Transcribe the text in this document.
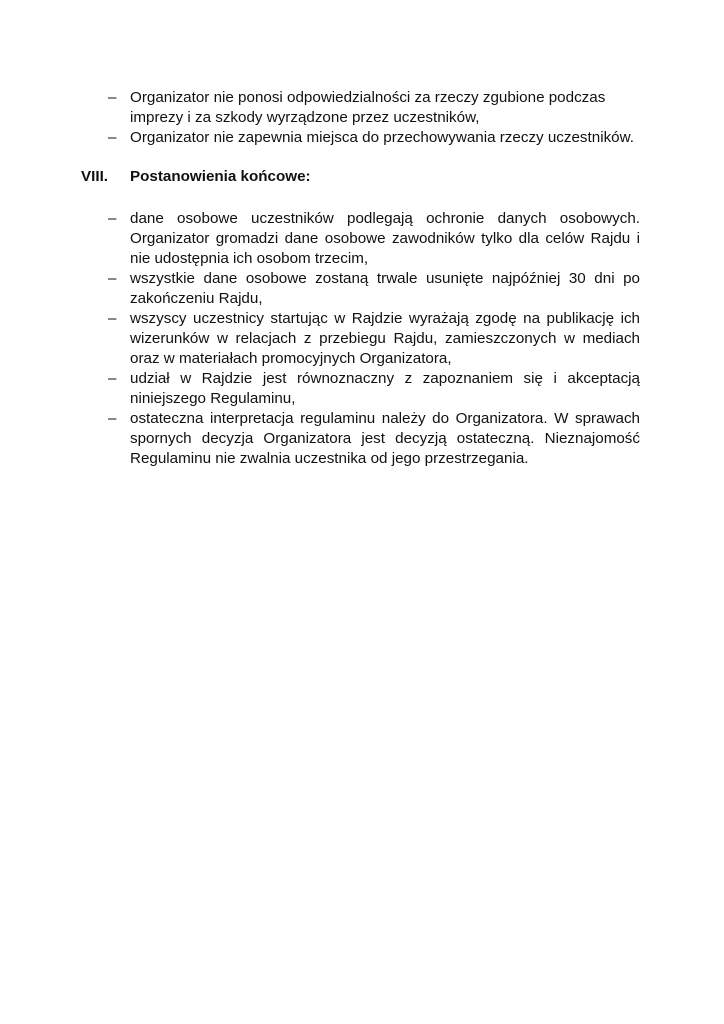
– Organizator nie ponosi odpowiedzialności za rzeczy zgubione podczas imprezy i za szkody wyrządzone przez uczestników,
– Organizator nie zapewnia miejsca do przechowywania rzeczy uczestników.
VIII.	Postanowienia końcowe:
– dane osobowe uczestników podlegają ochronie danych osobowych. Organizator gromadzi dane osobowe zawodników tylko dla celów Rajdu i nie udostępnia ich osobom trzecim,
– wszystkie dane osobowe zostaną trwale usunięte najpóźniej 30 dni po zakończeniu Rajdu,
– wszyscy uczestnicy startując w Rajdzie wyrażają zgodę na publikację ich wizerunków w relacjach z przebiegu Rajdu, zamieszczonych w mediach oraz w materiałach promocyjnych Organizatora,
– udział w Rajdzie jest równoznaczny z zapoznaniem się i akceptacją niniejszego Regulaminu,
– ostateczna interpretacja regulaminu należy do Organizatora. W sprawach spornych decyzja Organizatora jest decyzją ostateczną. Nieznajomość Regulaminu nie zwalnia uczestnika od jego przestrzegania.
